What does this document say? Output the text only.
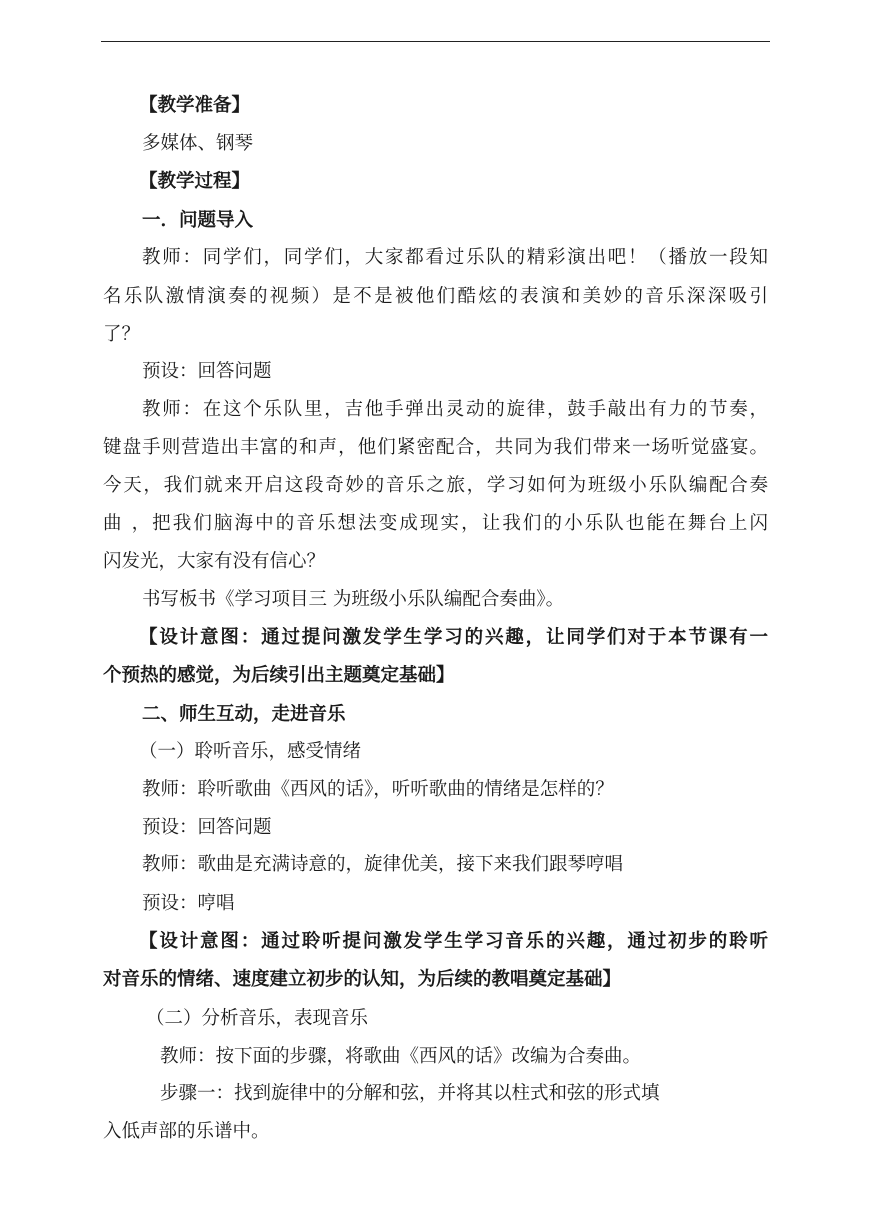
【教学准备】
多媒体、钢琴
【教学过程】
一．问题导入
教师：同学们，同学们，大家都看过乐队的精彩演出吧！（播放一段知
名乐队激情演奏的视频）是不是被他们酷炫的表演和美妙的音乐深深吸引
了？
预设：回答问题
教师：在这个乐队里，吉他手弹出灵动的旋律，鼓手敲出有力的节奏，
键盘手则营造出丰富的和声，他们紧密配合，共同为我们带来一场听觉盛宴。
今天，我们就来开启这段奇妙的音乐之旅，学习如何为班级小乐队编配合奏
曲 ，把我们脑海中的音乐想法变成现实，让我们的小乐队也能在舞台上闪
闪发光，大家有没有信心？
书写板书《学习项目三 为班级小乐队编配合奏曲》。
【设计意图：通过提问激发学生学习的兴趣，让同学们对于本节课有一
个预热的感觉，为后续引出主题奠定基础】
二、师生互动，走进音乐
（一）聆听音乐，感受情绪
教师：聆听歌曲《西风的话》，听听歌曲的情绪是怎样的？
预设：回答问题
教师：歌曲是充满诗意的，旋律优美，接下来我们跟琴哼唱
预设：哼唱
【设计意图：通过聆听提问激发学生学习音乐的兴趣，通过初步的聆听
对音乐的情绪、速度建立初步的认知，为后续的教唱奠定基础】
（二）分析音乐，表现音乐
教师：按下面的步骤，将歌曲《西风的话》改编为合奏曲。
步骤一：找到旋律中的分解和弦，并将其以柱式和弦的形式填
入低声部的乐谱中。
